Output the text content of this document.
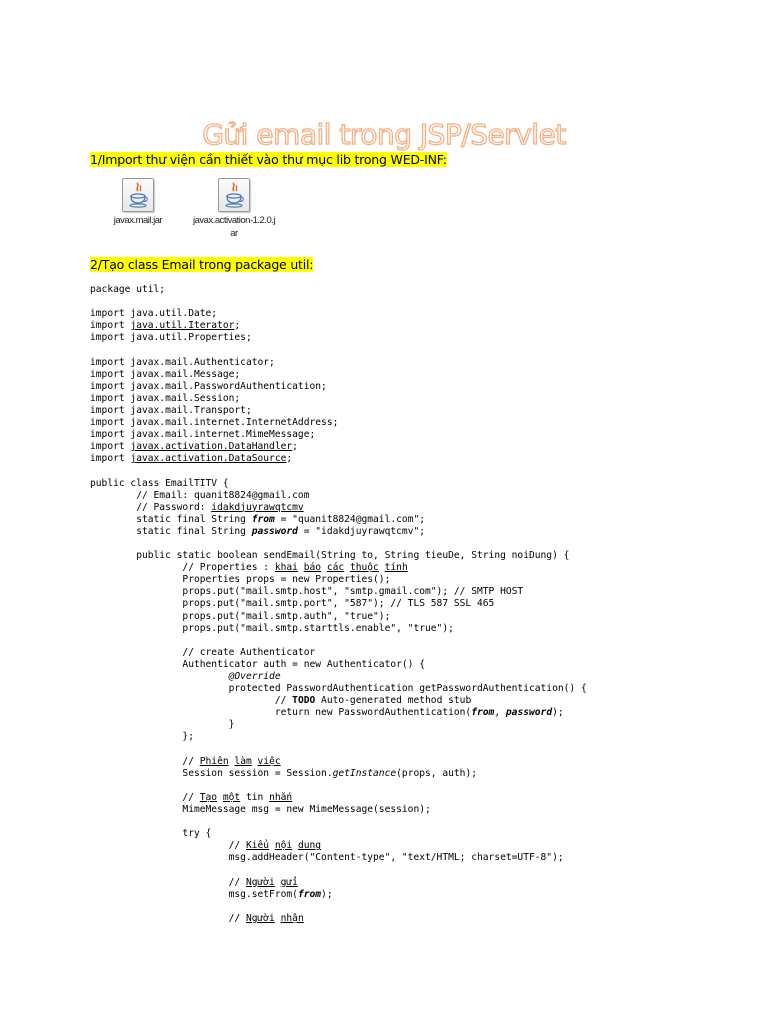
Gửi email trong JSP/Servlet
1/Import thư viện cần thiết vào thư mục lib trong WED-INF:
javax.mail.jar	javax.activation-1.2.0.j
ar
2/Tạo class Email trong package util:
package util;

import java.util.Date;
import java.util.Iterator;
import java.util.Properties;

import javax.mail.Authenticator;
import javax.mail.Message;
import javax.mail.PasswordAuthentication;
import javax.mail.Session;
import javax.mail.Transport;
import javax.mail.internet.InternetAddress;
import javax.mail.internet.MimeMessage;
import javax.activation.DataHandler;
import javax.activation.DataSource;

public class EmailTITV {
// Email: quanit8824@gmail.com
// Password: idakdjuyrawqtcmv
static final String from = "quanit8824@gmail.com";
static final String password = "idakdjuyrawqtcmv";

public static boolean sendEmail(String to, String tieuDe, String noiDung) {
// Properties : khai báo các thuộc tính
Properties props = new Properties();
props.put("mail.smtp.host", "smtp.gmail.com"); // SMTP HOST
props.put("mail.smtp.port", "587"); // TLS 587 SSL 465
props.put("mail.smtp.auth", "true");
props.put("mail.smtp.starttls.enable", "true");

// create Authenticator
Authenticator auth = new Authenticator() {
@Override
protected PasswordAuthentication getPasswordAuthentication() {
// TODO Auto-generated method stub
return new PasswordAuthentication(from, password);
}
};

// Phiên làm việc
Session session = Session.getInstance(props, auth);

// Tạo một tin nhắn
MimeMessage msg = new MimeMessage(session);

try {
// Kiểu nội dung
msg.addHeader("Content-type", "text/HTML; charset=UTF-8");

// Người gửi
msg.setFrom(from);

// Người nhận
